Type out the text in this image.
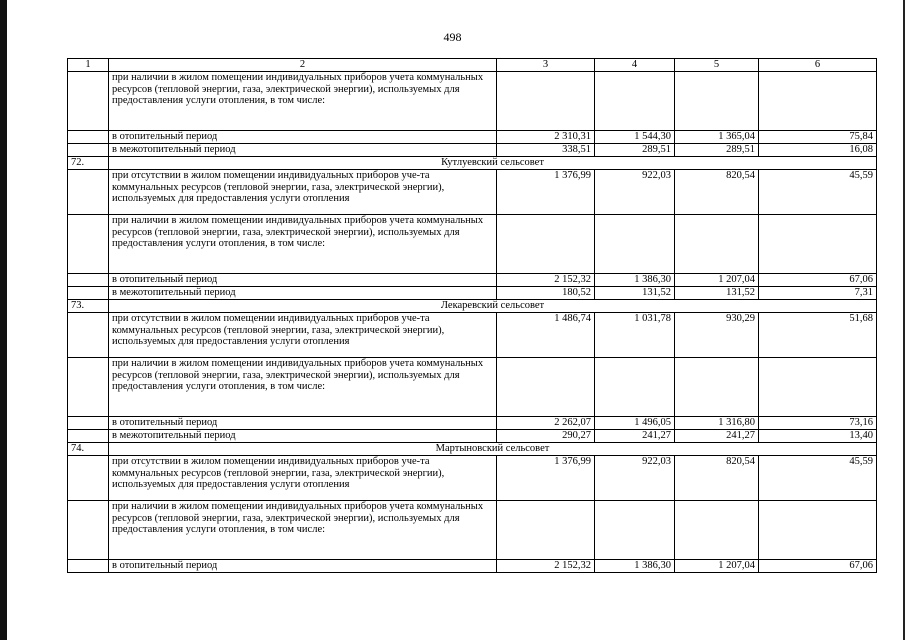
498
1	2	3	4	5	6
	при наличии в жилом помещении индивидуальных приборов учета коммунальных ресурсов (тепловой энергии, газа, электрической энергии), используемых для предоставления услуги отопления, в том числе:				
	в отопительный период	2 310,31	1 544,30	1 365,04	75,84
	в межотопительный период	338,51	289,51	289,51	16,08
72.	Кутлуевский сельсовет				
	при отсутствии в жилом помещении индивидуальных приборов уче-та коммунальных ресурсов (тепловой энергии, газа, электрической энергии), используемых для предоставления услуги отопления	1 376,99	922,03	820,54	45,59
	при наличии в жилом помещении индивидуальных приборов учета коммунальных ресурсов (тепловой энергии, газа, электрической энергии), используемых для предоставления услуги отопления, в том числе:				
	в отопительный период	2 152,32	1 386,30	1 207,04	67,06
	в межотопительный период	180,52	131,52	131,52	7,31
73.	Лекаревский сельсовет				
	при отсутствии в жилом помещении индивидуальных приборов уче-та коммунальных ресурсов (тепловой энергии, газа, электрической энергии), используемых для предоставления услуги отопления	1 486,74	1 031,78	930,29	51,68
	при наличии в жилом помещении индивидуальных приборов учета коммунальных ресурсов (тепловой энергии, газа, электрической энергии), используемых для предоставления услуги отопления, в том числе:				
	в отопительный период	2 262,07	1 496,05	1 316,80	73,16
	в межотопительный период	290,27	241,27	241,27	13,40
74.	Мартыновский сельсовет				
	при отсутствии в жилом помещении индивидуальных приборов уче-та коммунальных ресурсов (тепловой энергии, газа, электрической энергии), используемых для предоставления услуги отопления	1 376,99	922,03	820,54	45,59
	при наличии в жилом помещении индивидуальных приборов учета коммунальных ресурсов (тепловой энергии, газа, электрической энергии), используемых для предоставления услуги отопления, в том числе:				
	в отопительный период	2 152,32	1 386,30	1 207,04	67,06
